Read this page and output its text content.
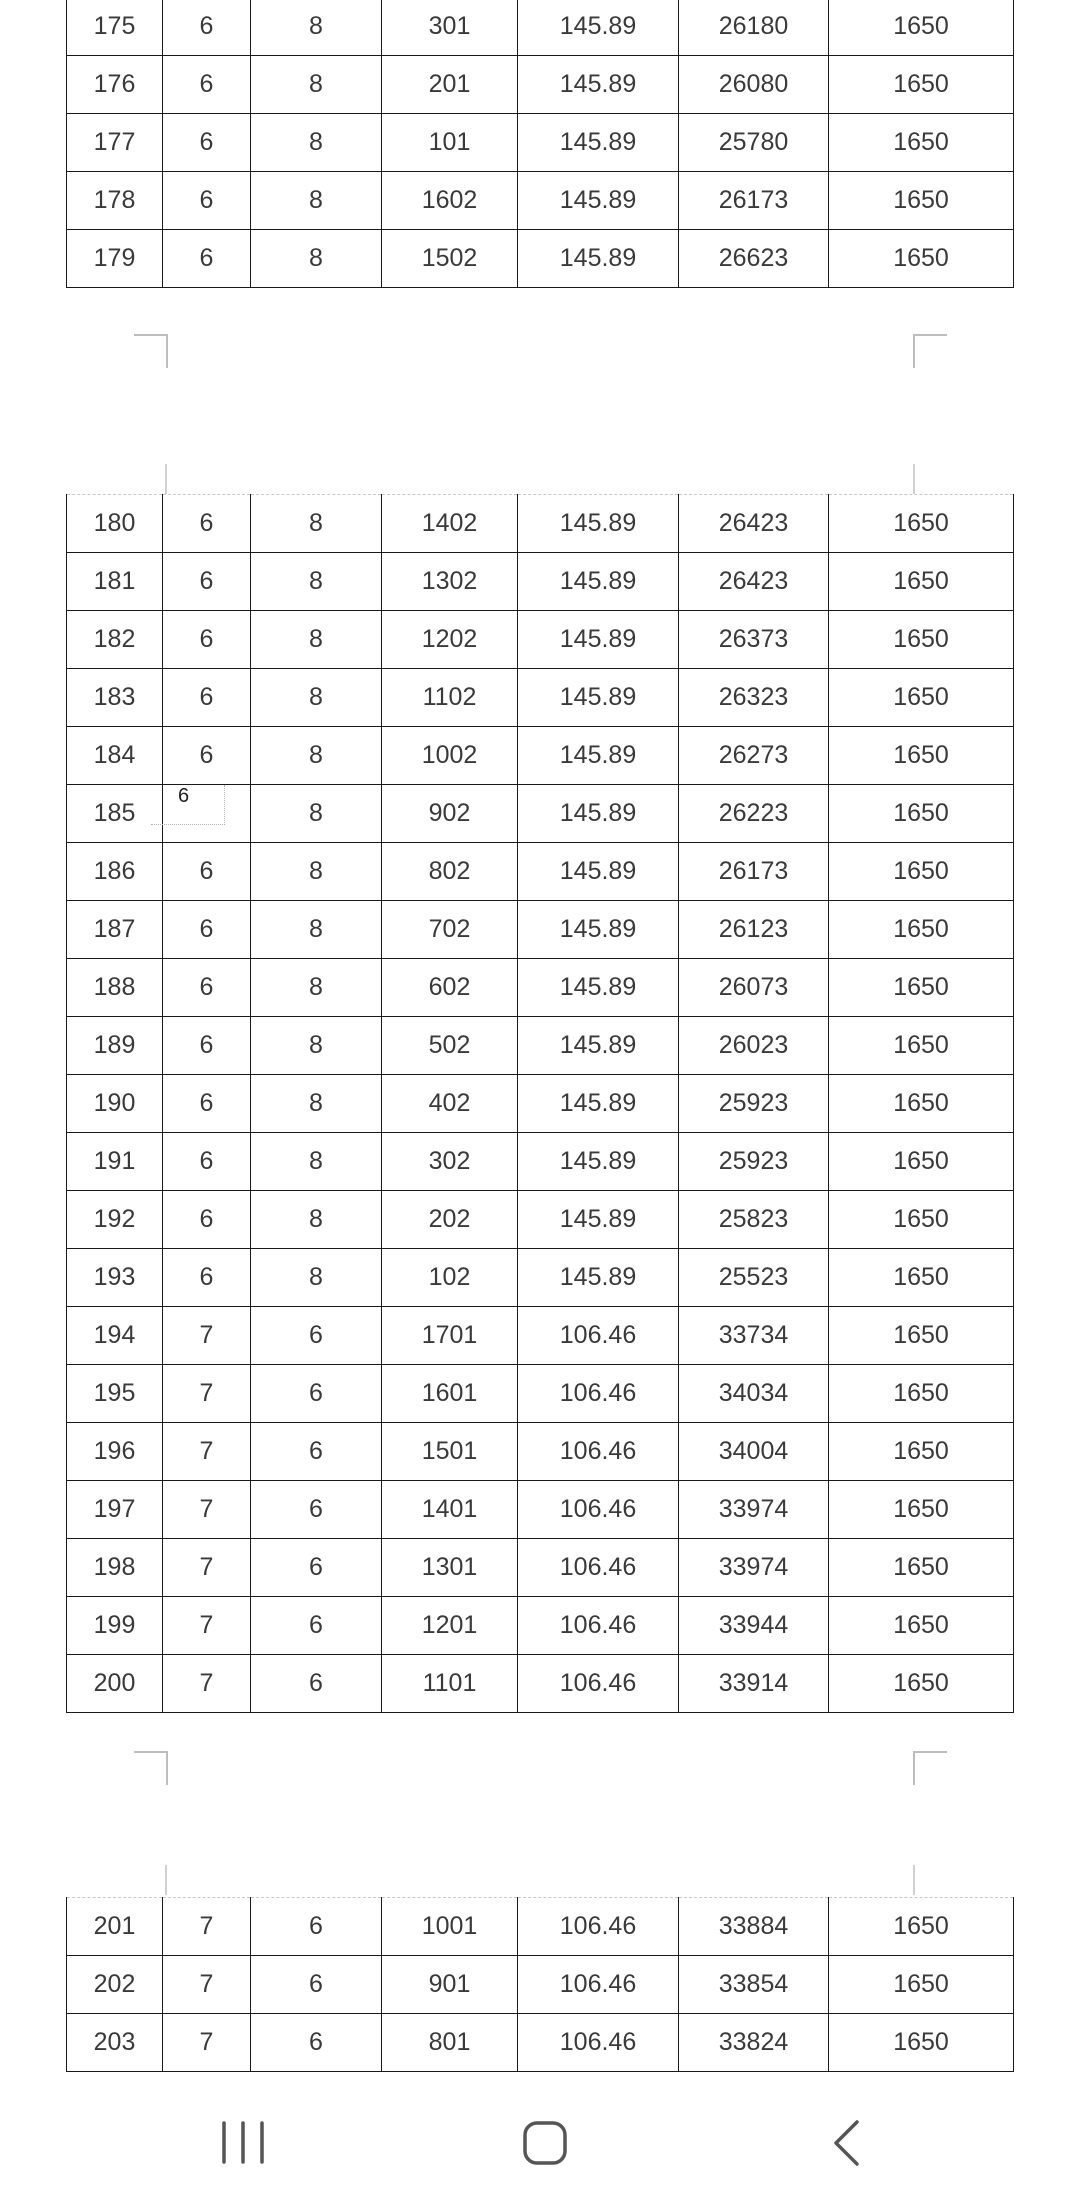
175	6	8	301	145.89	26180	1650
176	6	8	201	145.89	26080	1650
177	6	8	101	145.89	25780	1650
178	6	8	1602	145.89	26173	1650
179	6	8	1502	145.89	26623	1650
180	6	8	1402	145.89	26423	1650
181	6	8	1302	145.89	26423	1650
182	6	8	1202	145.89	26373	1650
183	6	8	1102	145.89	26323	1650
184	6	8	1002	145.89	26273	1650
185	6	8	902	145.89	26223	1650
186	6	8	802	145.89	26173	1650
187	6	8	702	145.89	26123	1650
188	6	8	602	145.89	26073	1650
189	6	8	502	145.89	26023	1650
190	6	8	402	145.89	25923	1650
191	6	8	302	145.89	25923	1650
192	6	8	202	145.89	25823	1650
193	6	8	102	145.89	25523	1650
194	7	6	1701	106.46	33734	1650
195	7	6	1601	106.46	34034	1650
196	7	6	1501	106.46	34004	1650
197	7	6	1401	106.46	33974	1650
198	7	6	1301	106.46	33974	1650
199	7	6	1201	106.46	33944	1650
200	7	6	1101	106.46	33914	1650
201	7	6	1001	106.46	33884	1650
202	7	6	901	106.46	33854	1650
203	7	6	801	106.46	33824	1650
